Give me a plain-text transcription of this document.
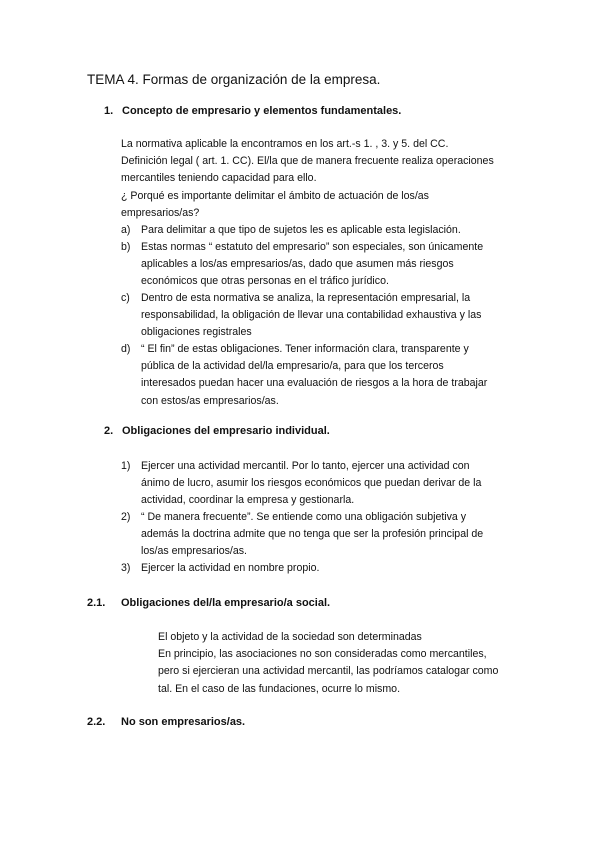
TEMA 4. Formas de organización de la empresa.
1. Concepto de empresario y elementos fundamentales.
La normativa aplicable la encontramos en los art.-s 1. , 3. y 5. del CC.
Definición legal ( art. 1. CC). El/la que de manera frecuente realiza operaciones
mercantiles teniendo capacidad para ello.
¿ Porqué es importante delimitar el ámbito de actuación de los/as
empresarios/as?
a) Para delimitar a que tipo de sujetos les es aplicable esta legislación.
b) Estas normas “ estatuto del empresario” son especiales, son únicamente
aplicables a los/as empresarios/as, dado que asumen más riesgos
económicos que otras personas en el tráfico jurídico.
c) Dentro de esta normativa se analiza, la representación empresarial, la
responsabilidad, la obligación de llevar una contabilidad exhaustiva y las
obligaciones registrales
d) “ El fin” de estas obligaciones. Tener información clara, transparente y
pública de la actividad del/la empresario/a, para que los terceros
interesados puedan hacer una evaluación de riesgos a la hora de trabajar
con estos/as empresarios/as.
2. Obligaciones del empresario individual.
1) Ejercer una actividad mercantil. Por lo tanto, ejercer una actividad con
ánimo de lucro, asumir los riesgos económicos que puedan derivar de la
actividad, coordinar la empresa y gestionarla.
2) “ De manera frecuente”. Se entiende como una obligación subjetiva y
además la doctrina admite que no tenga que ser la profesión principal de
los/as empresarios/as.
3) Ejercer la actividad en nombre propio.
2.1. Obligaciones del/la empresario/a social.
El objeto y la actividad de la sociedad son determinadas
En principio, las asociaciones no son consideradas como mercantiles,
pero si ejercieran una actividad mercantil, las podríamos catalogar como
tal. En el caso de las fundaciones, ocurre lo mismo.
2.2. No son empresarios/as.
